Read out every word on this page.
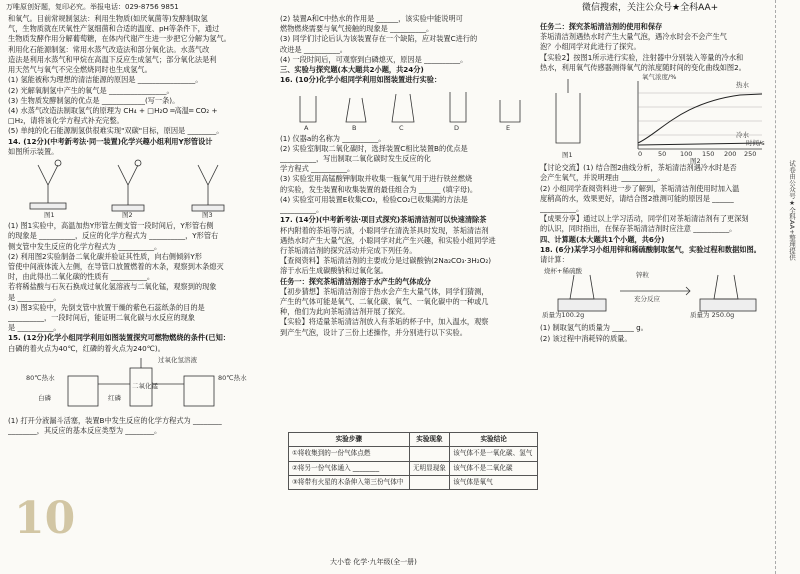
万唯原创好题，复印必究。举报电话：029-8756 9851	微信搜索，关注公众号★全科AA+
和氧气。目前常规制氢法：利用生物质(如厌氧菌等)发酵制取氢
气，生物质就在厌氧性产氢细菌和合适的温度、pH等条件下，通过
生物质发酵作用分解葡萄糖，在体内代谢产生进一步把它分解为氢气。
利用化石能源制氢：常用水蒸气改造法和部分氧化法。水蒸气改
造法是利用水蒸气和甲烷在高温下反应生成氢气；部分氧化法是利
用天然气与氧气不完全燃烧同时也生成氢气。
(1) 氢能被称为理想的清洁能源的原因是 ________________。
(2) 光解氧制氢中产生的氧气是 ________________。
(3) 生物质发酵制氢的优点是 ____________(写一条)。
(4) 水蒸气改造法制取氢气的原理为 CH₄ + □H₂O ═高温═ CO₂ +
□H₂，请将该化学方程式补充完整。
(5) 单纯的化石能源制氢供很难实现"双碳"目标，原因是 ________。
14. (12分)(中考新考法·同一装置)化学兴趣小组利用Y形管设计
如图所示装置。
图1	图2	图3
(1) 图1实验中，高温加热Y形管左侧支管一段时间后，Y形管右侧
的现象是 __________，反应的化学方程式为 __________，Y形管右
侧支管中发生反应的化学方程式为 __________。
(2) 利用图2实验制备二氧化碳并验证其性质，向右侧倾斜Y形
管使中间液体流入左侧，在导管口放置燃着的木条，观察到木条熄灭
时，由此得出二氧化碳的性质有 __________。
若将稀盐酸与石灰石换成过氧化氢溶液与二氧化锰，观察到的现象
是 __________。
(3) 图3实验中，先倒支管中放置干燥的紫色石蕊纸条的目的是
__________，一段时间后，能证明二氧化碳与水反应的现象
是 __________。
15. (12分)化学小组同学利用如图装置探究可燃物燃烧的条件(已知：
白磷的着火点为40℃，红磷的着火点为240℃)。
80℃热水
白磷	红磷
二氧化锰
过氧化氢溶液
80℃热水
(1) 打开分液漏斗活塞，装置B中发生反应的化学方程式为 ________
________，其反应的基本反应类型为 ________。
10
(2) 装置A和C中热水的作用是 ______，该实验中能说明可
燃物燃烧需要与氧气接触的现象是 __________。
(3) 同学们讨论后认为该装置存在一个缺陷，应对装置C进行的
改进是 __________。
(4) 一段时间后，可观察到白磷熄灭，原因是 __________。
三、实验与探究题(本大题共2小题，共24分)
16. (10分)化学小组同学利用如图装置进行实验：
A	B	C	D	E
(1) 仪器a的名称为 __________。
(2) 实验室制取二氧化碳时，选择装置C相比装置B的优点是
__________，写出制取二氧化碳时发生反应的化
学方程式 __________。
(3) 实验室用高锰酸钾制取并收集一瓶氧气用于进行铁丝燃烧
的实验，发生装置和收集装置的最佳组合为 ______ (填字母)。
(4) 实验室可用装置E收集CO₂，检验CO₂已收集满的方法是
__________。
17. (14分)(中考新考法·项目式探究)茶垢清洁剂可以快速清除茶
杯内附着的茶垢等污渍，小聪同学在清洗茶具时发现，茶垢清洁剂
遇热水时产生大量气泡，小聪同学对此产生兴趣，和实验小组同学进
行茶垢清洁剂的探究活动并完成下列任务。
【查阅资料】茶垢清洁剂的主要成分是过碳酸钠(2Na₂CO₃·3H₂O₂)
溶于水后生成碳酸钠和过氧化氢。
任务一：探究茶垢清洁剂溶于水产生的气体成分
【初步猜想】茶垢清洁剂溶于热水会产生大量气体，同学们猜测，
产生的气体可能是氧气、二氧化碳、氧气、一氧化碳中的一种或几
种，他们为此向茶垢清洁剂开展了探究。
【实验】将适量茶垢清洁剂放入有茶垢的杯子中，加入温水，观察
到产生气泡，设计了三份上述操作，并分别进行以下实验。
实验步骤	实验现象	实验结论
①将收集到的一份气体点燃		该气体不是一氧化碳、氢气
②将另一份气体通入 ________	无明显现象	该气体不是二氧化碳
③将带有火星的木条伸入第三份气体中		该气体是氧气
任务二：探究茶垢清洁剂的使用和保存
茶垢清洁剂遇热水时产生大量气泡，遇冷水时会不会产生气
泡？小组同学对此进行了探究。
【实验2】按图1所示进行实验，注射器中分别装入等量的冷水和
热水，利用氧气传感器测得氧气的浓度随时间的变化曲线如图2。
氧气浓度/%
热水
冷水
0 50 100 150 200 250
时间/s
图1
图2
【讨论交流】(1) 结合图2曲线分析，茶垢清洁剂遇冷水时是否
会产生氧气，并说明理由 __________。
(2) 小组同学查阅资料进一步了解到，茶垢清洁剂使用时加入温
度稍高的水，效果更好，请结合图2推测可能的原因是 ______
__________。
【成果分享】通过以上学习活动，同学们对茶垢清洁剂有了更深刻
的认识，同时指出，在保存茶垢清洁剂时应注意 __________。
四、计算题(本大题共1个小题，共6分)
18. (6分)某学习小组用锌和稀硫酸制取氢气，实验过程和数据如图。
请计算：
质量为100.2g
烧杯+稀硫酸	锌粒
充分反应
质量为 250.0g
(1) 制取氢气的质量为 ______ g。
(2) 该过程中消耗锌的质量。
试卷由公众号★全科AA+整理提供
大小卷 化学·九年级(全一册)
